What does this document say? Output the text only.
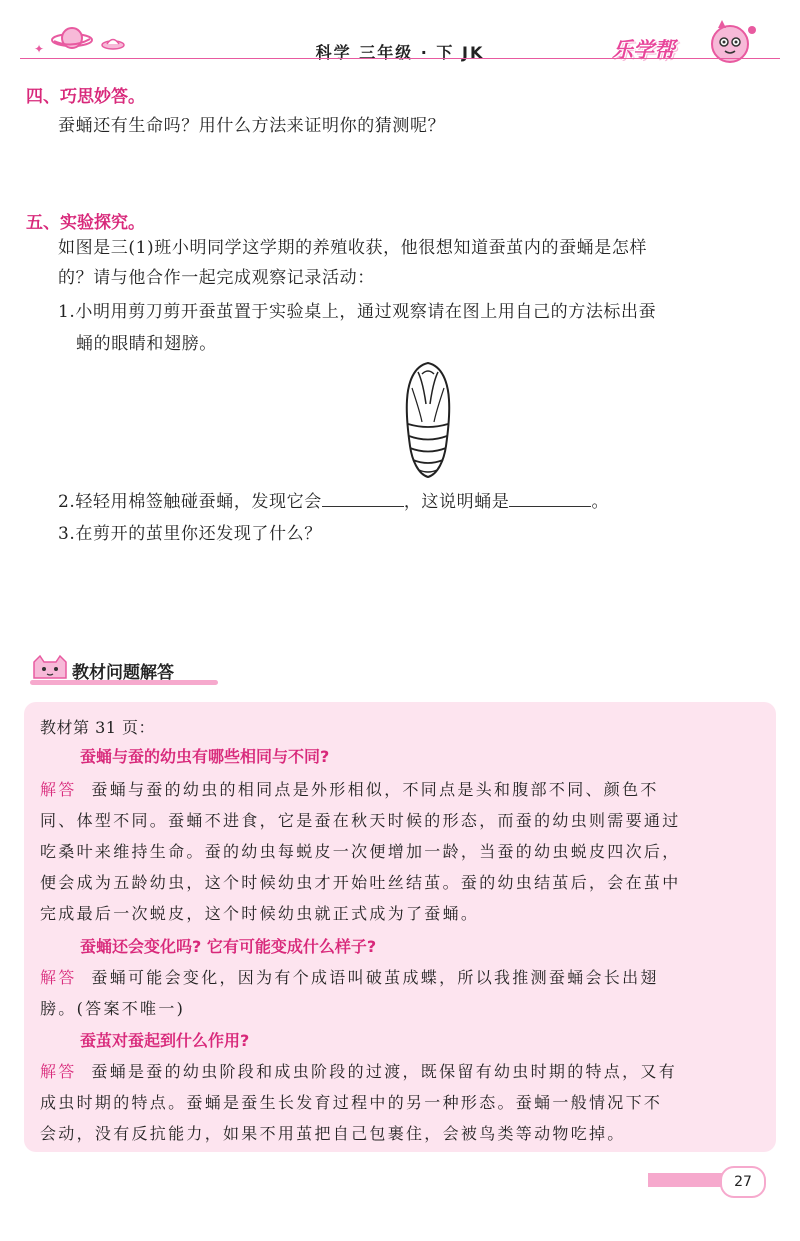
✦	科学 三年级 · 下 JK	乐学帮
四、巧思妙答。
蚕蛹还有生命吗？用什么方法来证明你的猜测呢？
五、实验探究。
如图是三(1)班小明同学这学期的养殖收获，他很想知道蚕茧内的蚕蛹是怎样
的？请与他合作一起完成观察记录活动：
1.小明用剪刀剪开蚕茧置于实验桌上，通过观察请在图上用自己的方法标出蚕
蛹的眼睛和翅膀。
2.轻轻用棉签触碰蚕蛹，发现它会	，这说明蛹是	。
3.在剪开的茧里你还发现了什么？
教材问题解答
教材第 31 页：
蚕蛹与蚕的幼虫有哪些相同与不同?
解答 蚕蛹与蚕的幼虫的相同点是外形相似，不同点是头和腹部不同、颜色不
同、体型不同。蚕蛹不进食，它是蚕在秋天时候的形态，而蚕的幼虫则需要通过
吃桑叶来维持生命。蚕的幼虫每蜕皮一次便增加一龄，当蚕的幼虫蜕皮四次后，
便会成为五龄幼虫，这个时候幼虫才开始吐丝结茧。蚕的幼虫结茧后，会在茧中
完成最后一次蜕皮，这个时候幼虫就正式成为了蚕蛹。
蚕蛹还会变化吗? 它有可能变成什么样子?
解答 蚕蛹可能会变化，因为有个成语叫破茧成蝶，所以我推测蚕蛹会长出翅
膀。(答案不唯一)
蚕茧对蚕起到什么作用?
解答 蚕蛹是蚕的幼虫阶段和成虫阶段的过渡，既保留有幼虫时期的特点，又有
成虫时期的特点。蚕蛹是蚕生长发育过程中的另一种形态。蚕蛹一般情况下不
会动，没有反抗能力，如果不用茧把自己包裹住，会被鸟类等动物吃掉。
27
